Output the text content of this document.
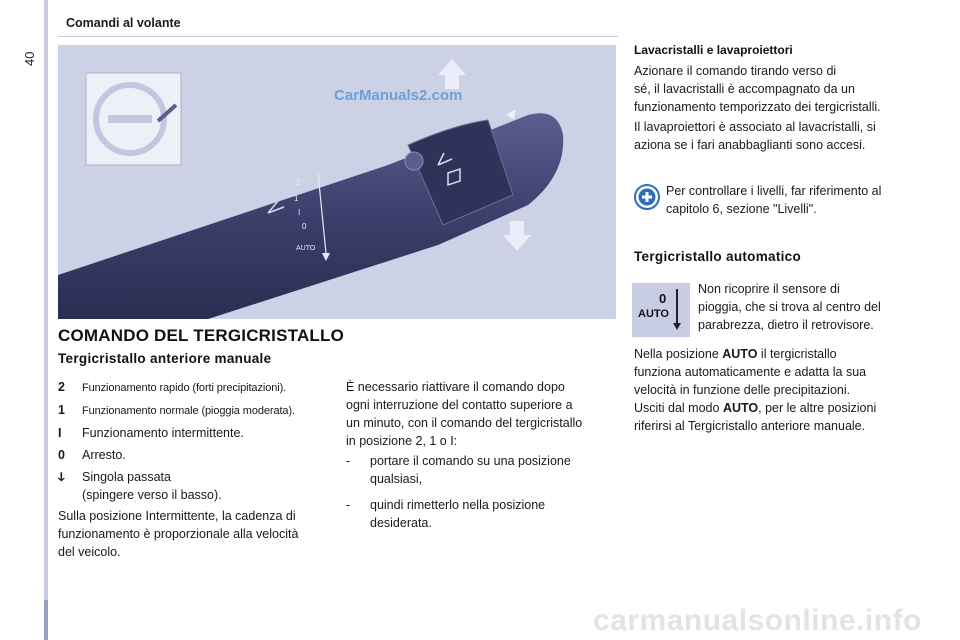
40
Comandi al volante
2
1
I
0
AUTO
CarManuals2.com
COMANDO DEL TERGICRISTALLO
Tergicristallo anteriore manuale
2 Funzionamento rapido (forti precipitazioni).
1 Funzionamento normale (pioggia moderata).
I Funzionamento intermittente.
0 Arresto.
ↆ Singola passata
(spingere verso il basso).
Sulla posizione Intermittente, la cadenza di
funzionamento è proporzionale alla velocità
del veicolo.
È necessario riattivare il comando dopo
ogni interruzione del contatto superiore a
un minuto, con il comando del tergicristallo
in posizione 2, 1 o I:
- portare il comando su una posizione
qualsiasi,
- quindi rimetterlo nella posizione
desiderata.
Lavacristalli e lavaproiettori
Azionare il comando tirando verso di
sé, il lavacristalli è accompagnato da un
funzionamento temporizzato dei tergicristalli.
Il lavaproiettori è associato al lavacristalli, si
aziona se i fari anabbaglianti sono accesi.
Per controllare i livelli, far riferimento al
capitolo 6, sezione "Livelli".
Tergicristallo automatico
0
AUTO
Non ricoprire il sensore di
pioggia, che si trova al centro del
parabrezza, dietro il retrovisore.
Nella posizione AUTO il tergicristallo
funziona automaticamente e adatta la sua
velocità in funzione delle precipitazioni.
Usciti dal modo AUTO, per le altre posizioni
riferirsi al Tergicristallo anteriore manuale.
carmanualsonline.info
